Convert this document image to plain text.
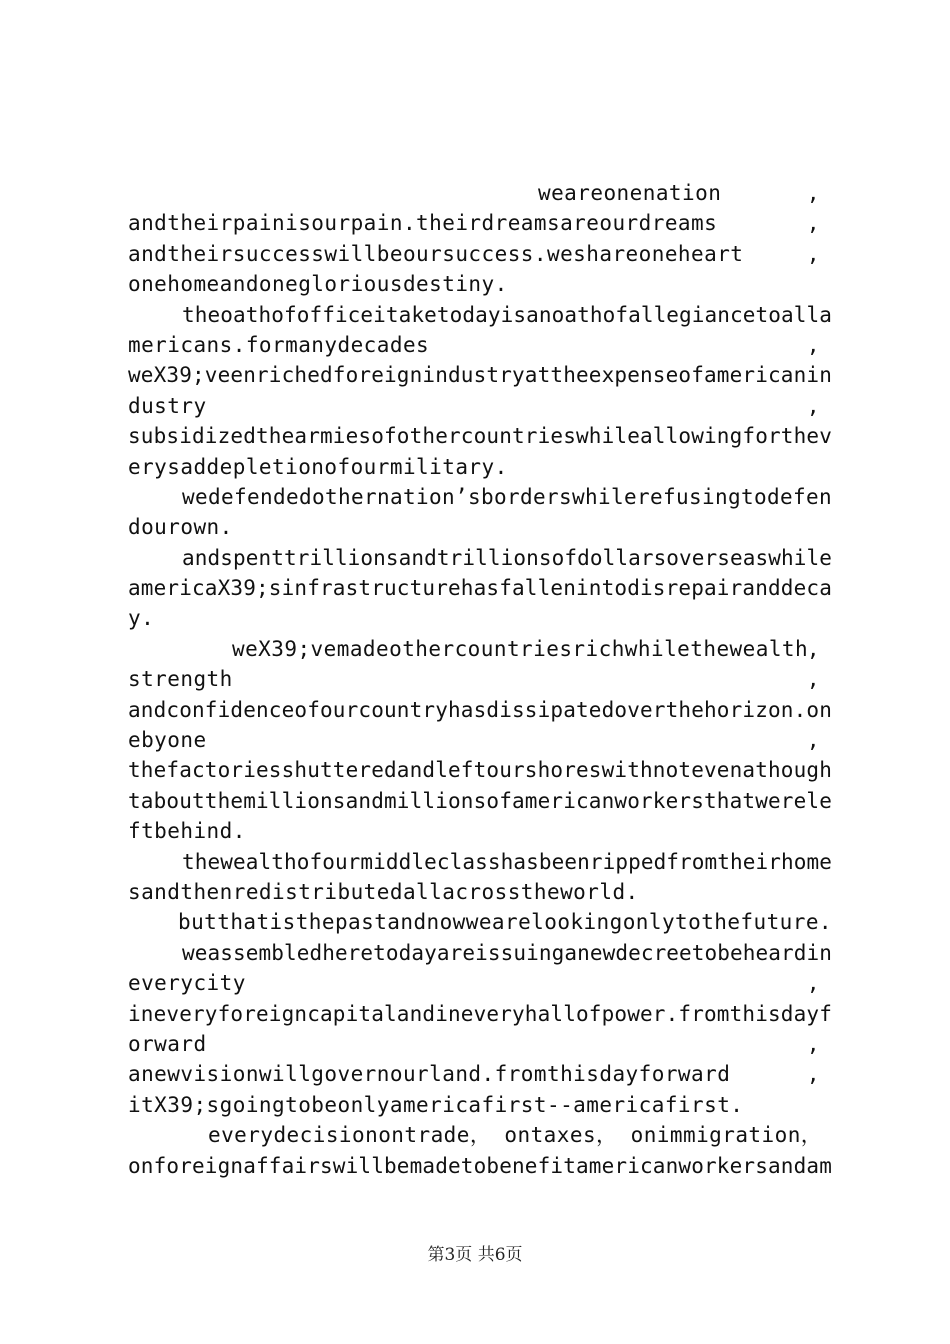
weareonenation	,
andtheirpainisourpain.theirdreamsareourdreams	,
andtheirsuccesswillbeoursuccess.weshareoneheart	,
onehomeandonegloriousdestiny.
theoathofofficeitaketodayisanoathofallegiancetoalla
mericans.formanydecades	,
weX39;veenrichedforeignindustryattheexpenseofamericanin
dustry	,
subsidizedthearmiesofothercountrieswhileallowingforthev
erysaddepletionofourmilitary.
wedefendedothernation’sborderswhilerefusingtodefen
dourown.
andspenttrillionsandtrillionsofdollarsoverseaswhile
americaX39;sinfrastructurehasfallenintodisrepairanddeca
y.
weX39;vemadeothercountriesrichwhilethewealth
,
strength	,
andconfidenceofourcountryhasdissipatedoverthehorizon.on
ebyone	,
thefactoriesshutteredandleftourshoreswithnotevenathough
taboutthemillionsandmillionsofamericanworkersthatwerele
ftbehind.
thewealthofourmiddleclasshasbeenrippedfromtheirhome
sandthenredistributedallacrosstheworld.
butthatisthepastandnowwearelookingonlytothefuture.
weassembledheretodayareissuinganewdecreetobeheardin
everycity	,
ineveryforeigncapitalandineveryhallofpower.fromthisdayf
orward	,
anewvisionwillgovernourland.fromthisdayforward	,
itX39;sgoingtobeonlyamericafirst--americafirst.
everydecisionontrade， ontaxes， onimmigration，
onforeignaffairswillbemadetobenefitamericanworkersandam
第3页 共6页
